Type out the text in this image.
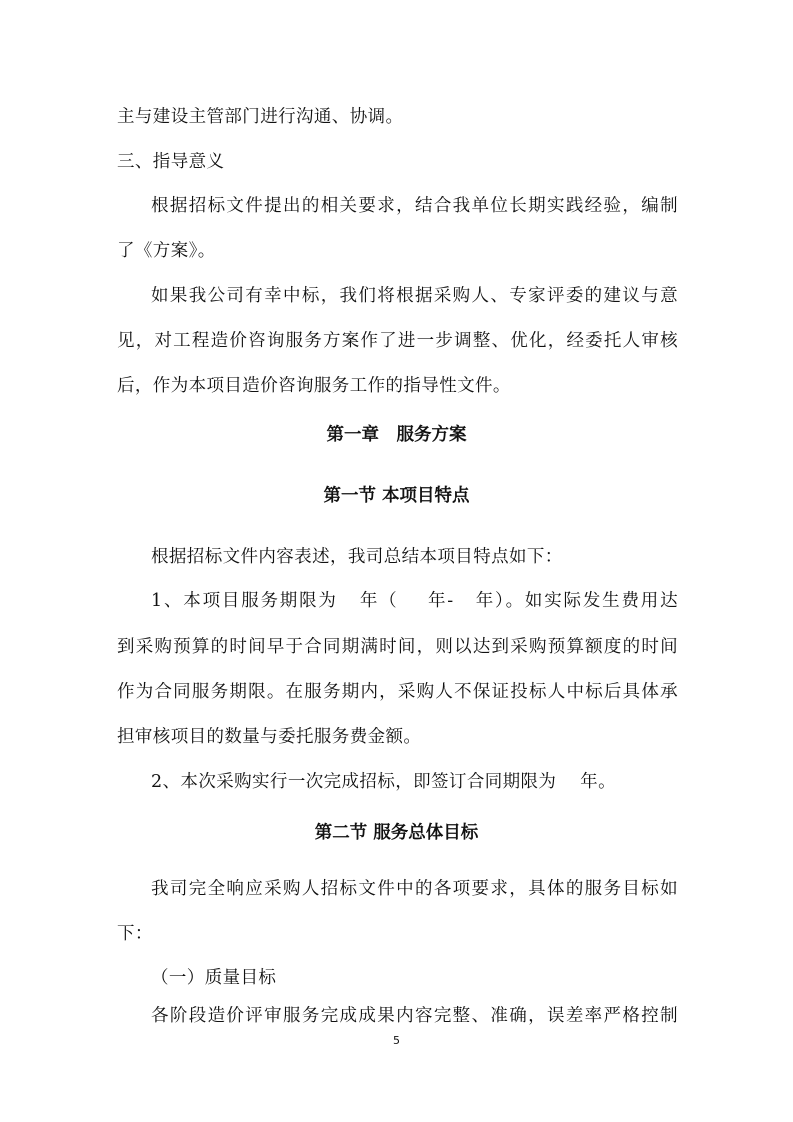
主与建设主管部门进行沟通、协调。
三、指导意义
根据招标文件提出的相关要求，结合我单位长期实践经验，编制
了《方案》。
如果我公司有幸中标，我们将根据采购人、专家评委的建议与意
见，对工程造价咨询服务方案作了进一步调整、优化，经委托人审核
后，作为本项目造价咨询服务工作的指导性文件。
第一章　服务方案
第一节 本项目特点
根据招标文件内容表述，我司总结本项目特点如下：
1、本项目服务期限为   年（    年-   年）。如实际发生费用达
到采购预算的时间早于合同期满时间，则以达到采购预算额度的时间
作为合同服务期限。在服务期内，采购人不保证投标人中标后具体承
担审核项目的数量与委托服务费金额。
2、本次采购实行一次完成招标，即签订合同期限为    年。
第二节 服务总体目标
我司完全响应采购人招标文件中的各项要求，具体的服务目标如
下：
（一）质量目标
各阶段造价评审服务完成成果内容完整、准确，误差率严格控制
5
